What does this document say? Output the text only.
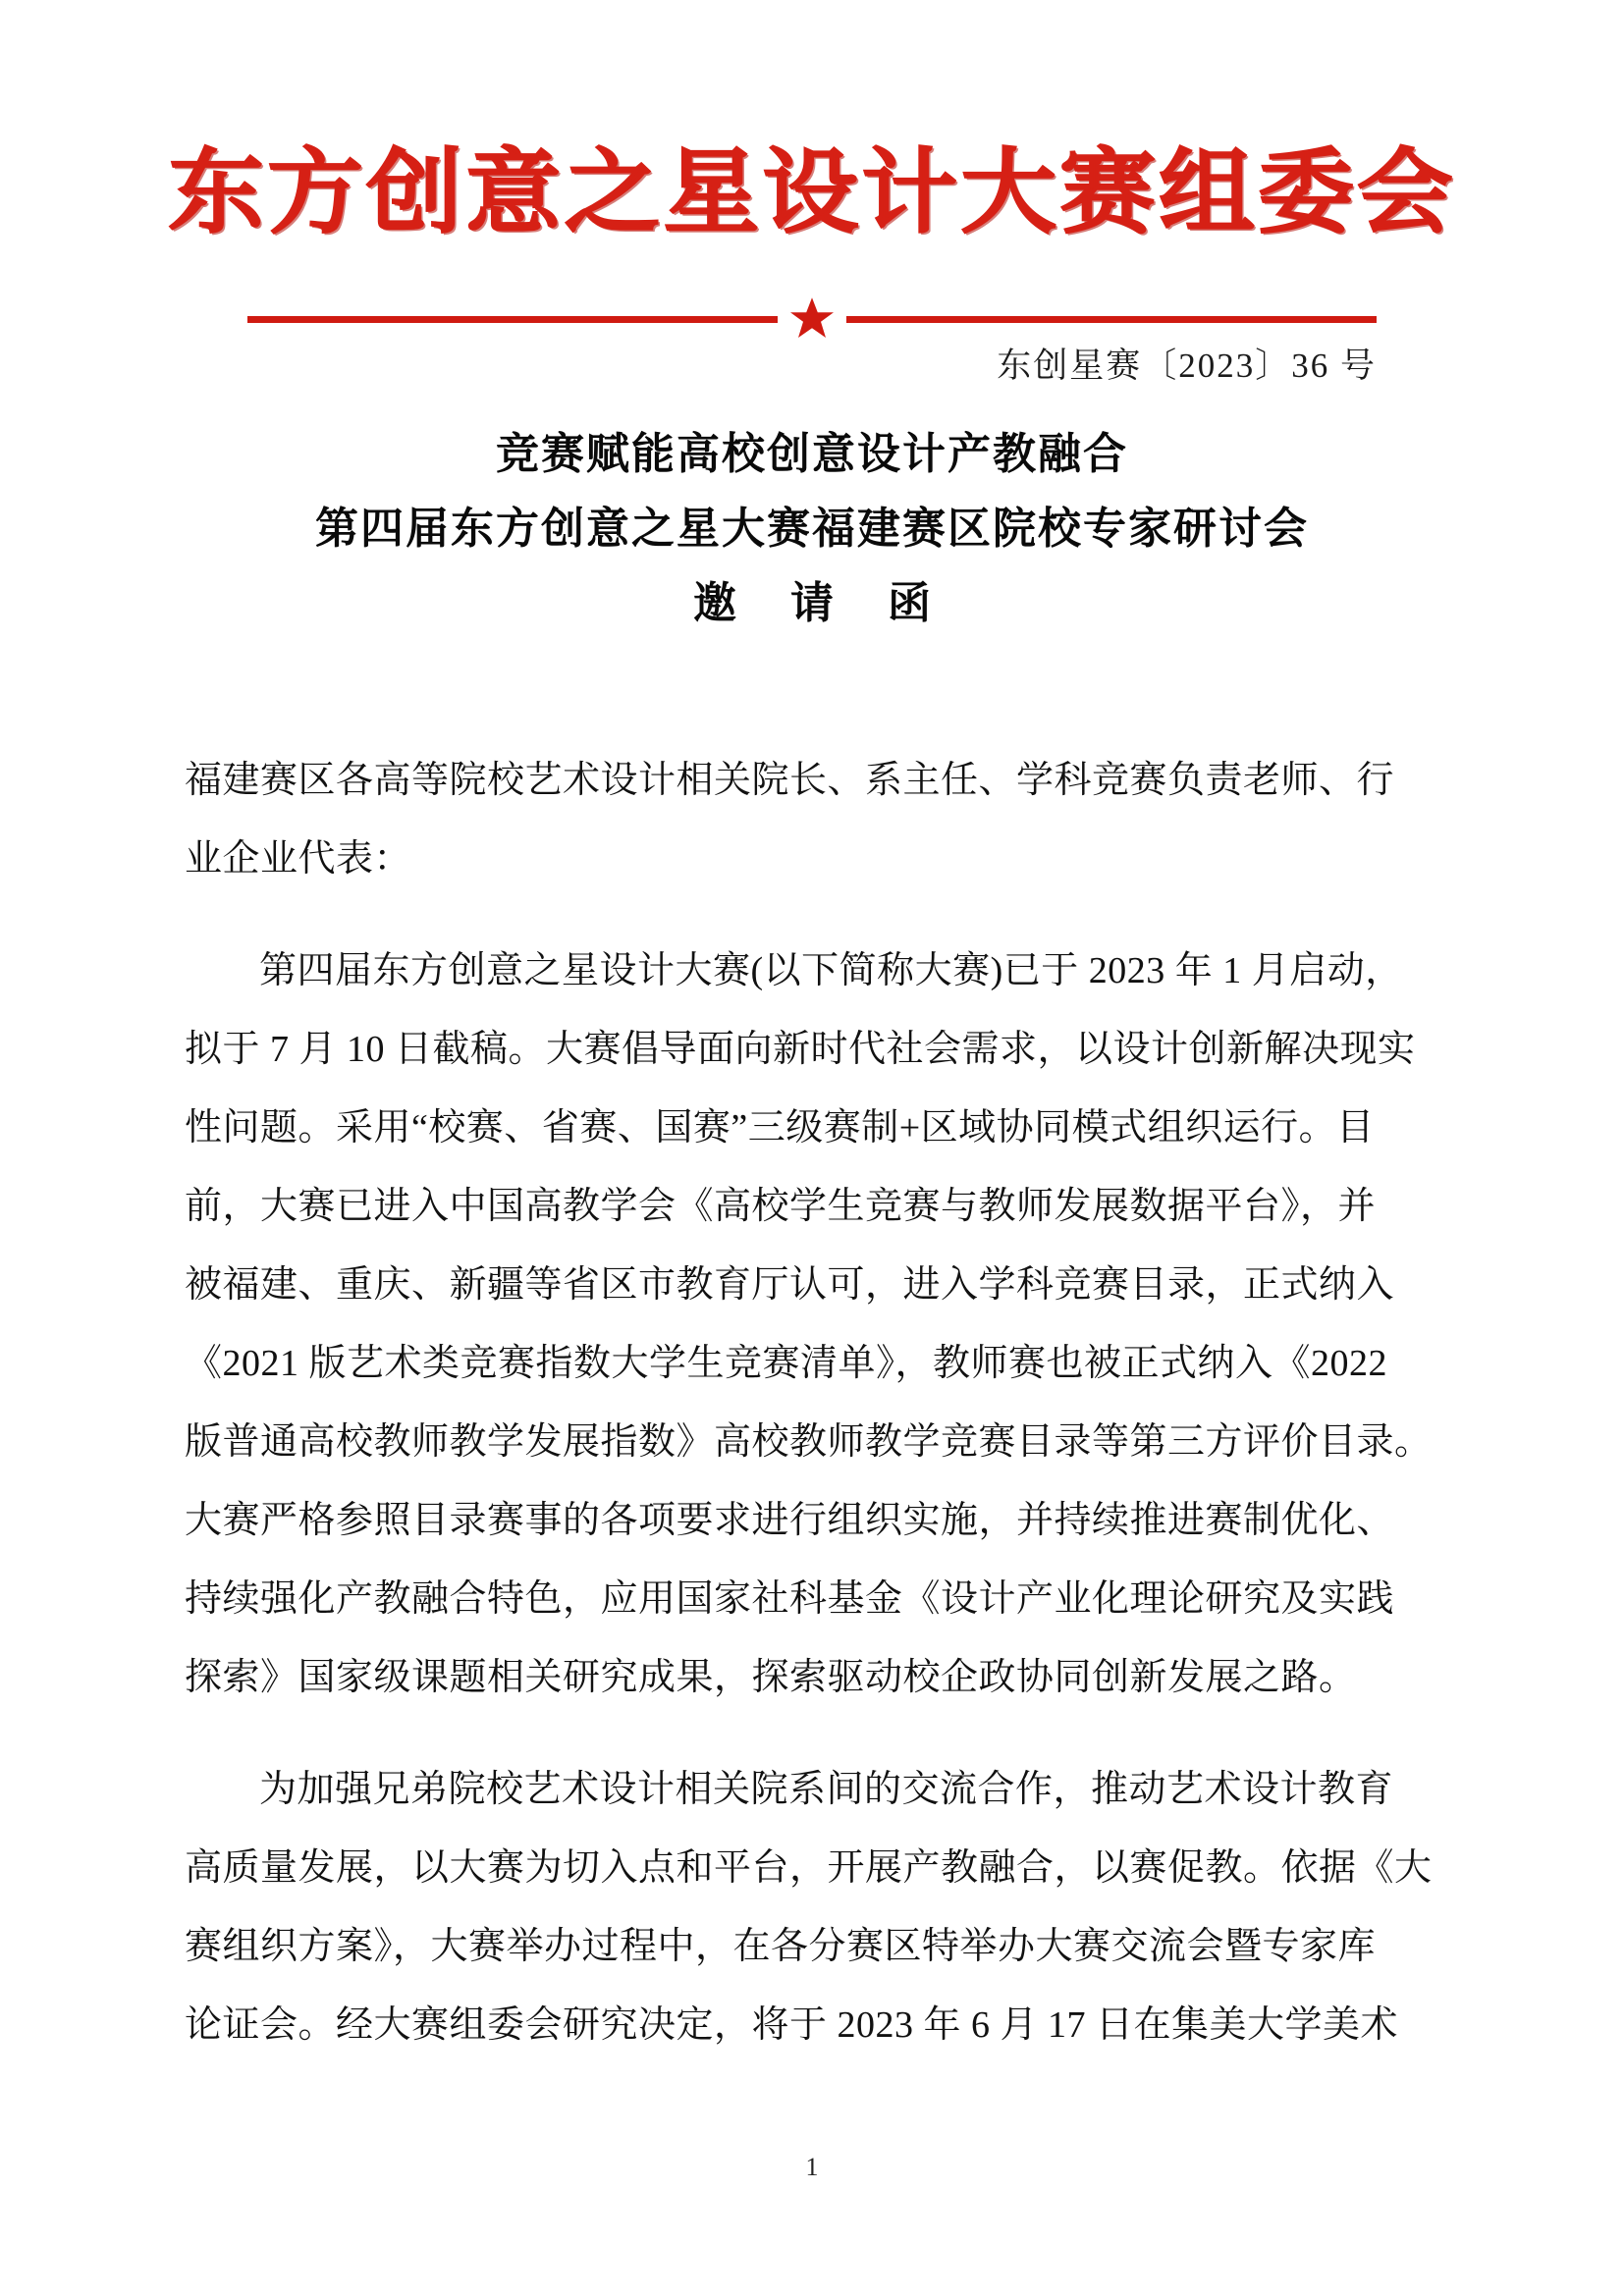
东方创意之星设计大赛组委会
东创星赛〔2023〕36 号
竞赛赋能高校创意设计产教融合
第四届东方创意之星大赛福建赛区院校专家研讨会
邀 请 函
福建赛区各高等院校艺术设计相关院长、系主任、学科竞赛负责老师、行
业企业代表：
第四届东方创意之星设计大赛(以下简称大赛)已于 2023 年 1 月启动，
拟于 7 月 10 日截稿。大赛倡导面向新时代社会需求，以设计创新解决现实
性问题。采用“校赛、省赛、国赛”三级赛制+区域协同模式组织运行。目
前，大赛已进入中国高教学会《高校学生竞赛与教师发展数据平台》，并
被福建、重庆、新疆等省区市教育厅认可，进入学科竞赛目录，正式纳入
《2021 版艺术类竞赛指数大学生竞赛清单》，教师赛也被正式纳入《2022
版普通高校教师教学发展指数》高校教师教学竞赛目录等第三方评价目录。
大赛严格参照目录赛事的各项要求进行组织实施，并持续推进赛制优化、
持续强化产教融合特色，应用国家社科基金《设计产业化理论研究及实践
探索》国家级课题相关研究成果，探索驱动校企政协同创新发展之路。
为加强兄弟院校艺术设计相关院系间的交流合作，推动艺术设计教育
高质量发展，以大赛为切入点和平台，开展产教融合，以赛促教。依据《大
赛组织方案》，大赛举办过程中，在各分赛区特举办大赛交流会暨专家库
论证会。经大赛组委会研究决定，将于 2023 年 6 月 17 日在集美大学美术
1
